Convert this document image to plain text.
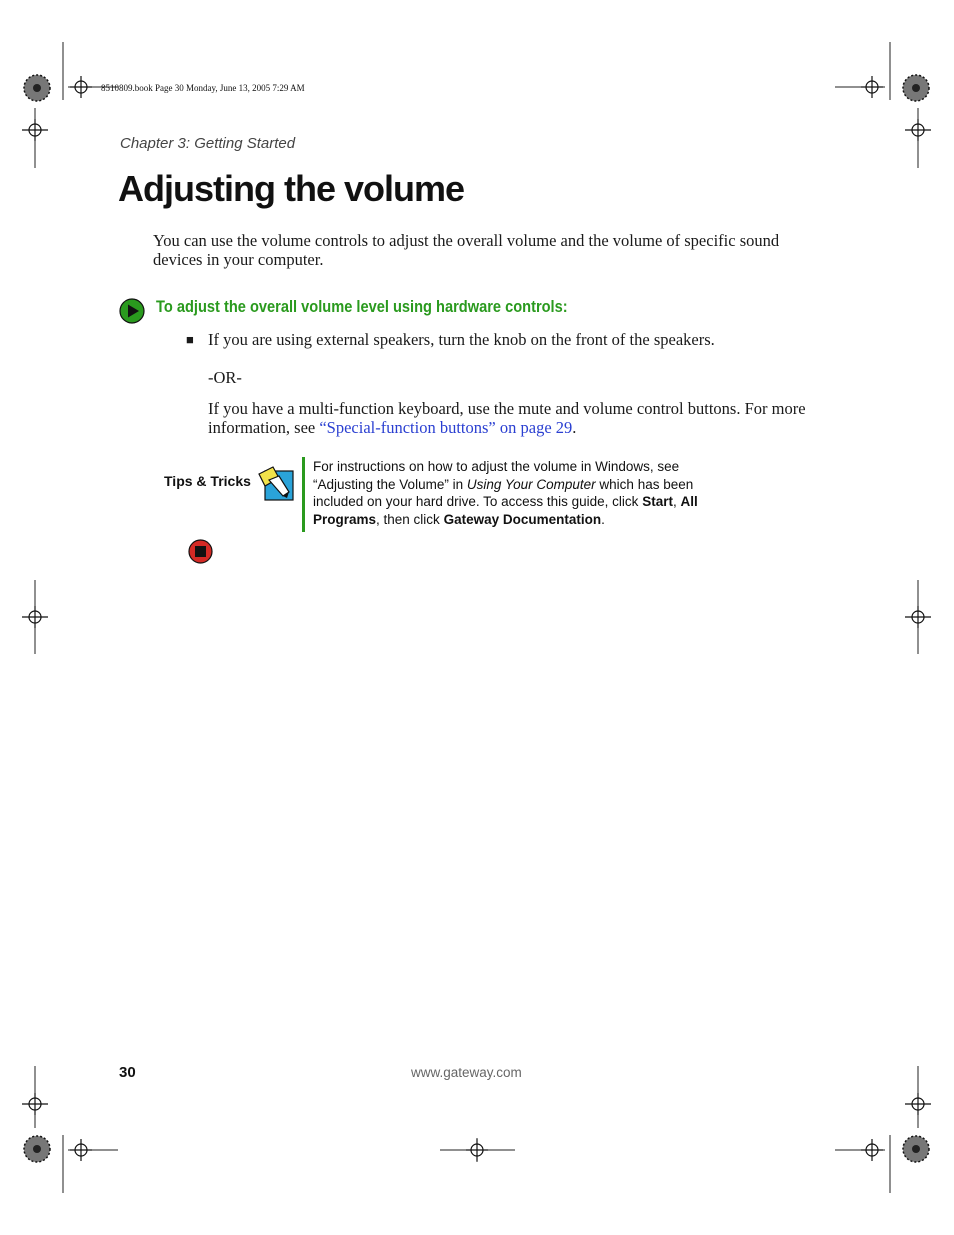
8510809.book Page 30 Monday, June 13, 2005 7:29 AM
Chapter 3: Getting Started
Adjusting the volume

You can use the volume controls to adjust the overall volume and the volume of specific sound devices in your computer.

To adjust the overall volume level using hardware controls:
■ If you are using external speakers, turn the knob on the front of the speakers.

-OR-

If you have a multi-function keyboard, use the mute and volume control buttons. For more information, see “Special-function buttons” on page 29.

Tips & Tricks

For instructions on how to adjust the volume in Windows, see “Adjusting the Volume” in Using Your Computer which has been included on your hard drive. To access this guide, click Start, All Programs, then click Gateway Documentation.

30	www.gateway.com
